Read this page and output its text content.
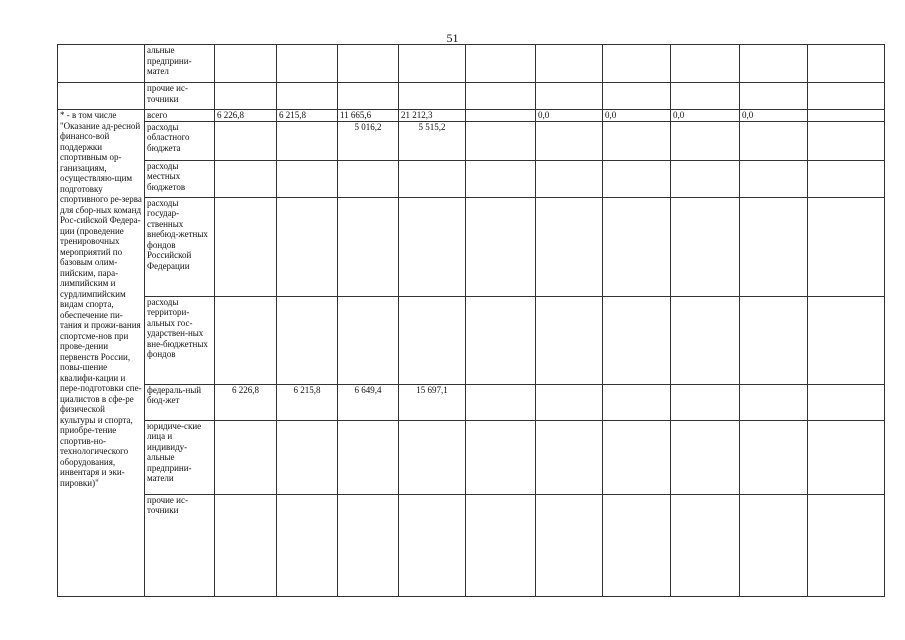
51
	альные предприни-мател										
	прочие ис-точники										
* - в том числе "Оказание ад-ресной финансо-вой поддержки спортивным ор-ганизациям, осуществляю-щим подготовку спортивного ре-зерва для сбор-ных команд Рос-сийской Федера-ции (проведение тренировочных мероприятий по базовым олим-пийским, пара-лимпийским и сурдлимпийским видам спорта, обеспечение пи-тания и прожи-вания спортсме-нов при прове-дении первенств России, повы-шение квалифи-кации и пере-подготовки спе-циалистов в сфе-ре физической культуры и спорта, приобре-тение спортив-но-технологического оборудования, инвентаря и эки-пировки)"	всего	6 226,8	6 215,8	11 665,6	21 212,3		0,0	0,0	0,0	0,0	
	расходы областного бюджета			5 016,2	5 515,2						
	расходы местных бюджетов										
	расходы государ-ственных внебюд-жетных фондов Российской Федерации										
	расходы территори-альных гос-ударствен-ных вне-бюджетных фондов										
	федераль-ный бюд-жет	6 226,8	6 215,8	6 649,4	15 697,1						
	юридиче-ские лица и индивиду-альные предприни-матели										
	прочие ис-точники										
